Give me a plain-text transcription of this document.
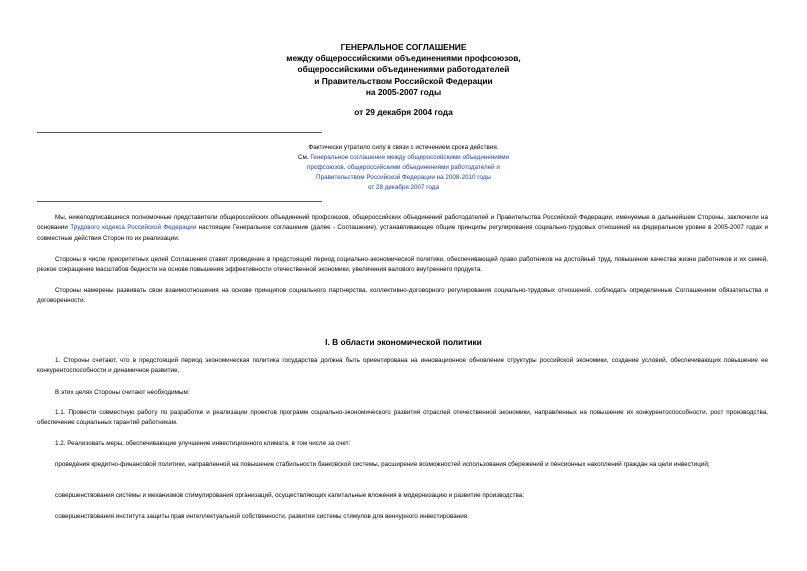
ГЕНЕРАЛЬНОЕ СОГЛАШЕНИЕ
между общероссийскими объединениями профсоюзов,
общероссийскими объединениями работодателей
и Правительством Российской Федерации
на 2005-2007 годы
от 29 декабря 2004 года
Фактически утратило силу в связи с истечением срока действия.
См. Генеральное соглашение между общероссийскими объединениями
профсоюзов, общероссийскими объединениями работодателей и
Правительством Российской Федерации на 2008-2010 годы
от 28 декабря 2007 года
Мы, нижеподписавшиеся полномочные представители общероссийских объединений профсоюзов, общероссийских объединений работодателей и Правительства Российской Федерации, именуемые в дальнейшем Стороны, заключили на основании Трудового кодекса Российской Федерации настоящее Генеральное соглашение (далее - Соглашение), устанавливающее общие принципы регулирования социально-трудовых отношений на федеральном уровне в 2005-2007 годах и совместные действия Сторон по их реализации.
Стороны в числе приоритетных целей Соглашения ставят проведение в предстоящий период социально-экономической политики, обеспечивающей право работников на достойный труд, повышение качества жизни работников и их семей, резкое сокращение масштабов бедности на основе повышения эффективности отечественной экономики, увеличения валового внутреннего продукта.
Стороны намерены развивать свои взаимоотношения на основе принципов социального партнерства, коллективно-договорного регулирования социально-трудовых отношений, соблюдать определенные Соглашением обязательства и договоренности.
I. В области экономической политики
1. Стороны считают, что в предстоящий период экономическая политика государства должна быть ориентирована на инновационное обновление структуры российской экономики, создание условий, обеспечивающих повышение ее конкурентоспособности и динамичное развитие.
В этих целях Стороны считают необходимым:
1.1. Провести совместную работу по разработке и реализации проектов программ социально-экономического развития отраслей отечественной экономики, направленных на повышение их конкурентоспособности, рост производства, обеспечение социальных гарантий работникам.
1.2. Реализовать меры, обеспечивающие улучшение инвестиционного климата, в том числе за счет:
проведения кредитно-финансовой политики, направленной на повышение стабильности банковской системы, расширение возможностей использования сбережений и пенсионных накоплений граждан на цели инвестиций;
совершенствования системы и механизмов стимулирования организаций, осуществляющих капитальные вложения в модернизацию и развитие производства;
совершенствования института защиты прав интеллектуальной собственности, развития системы стимулов для венчурного инвестирования.
